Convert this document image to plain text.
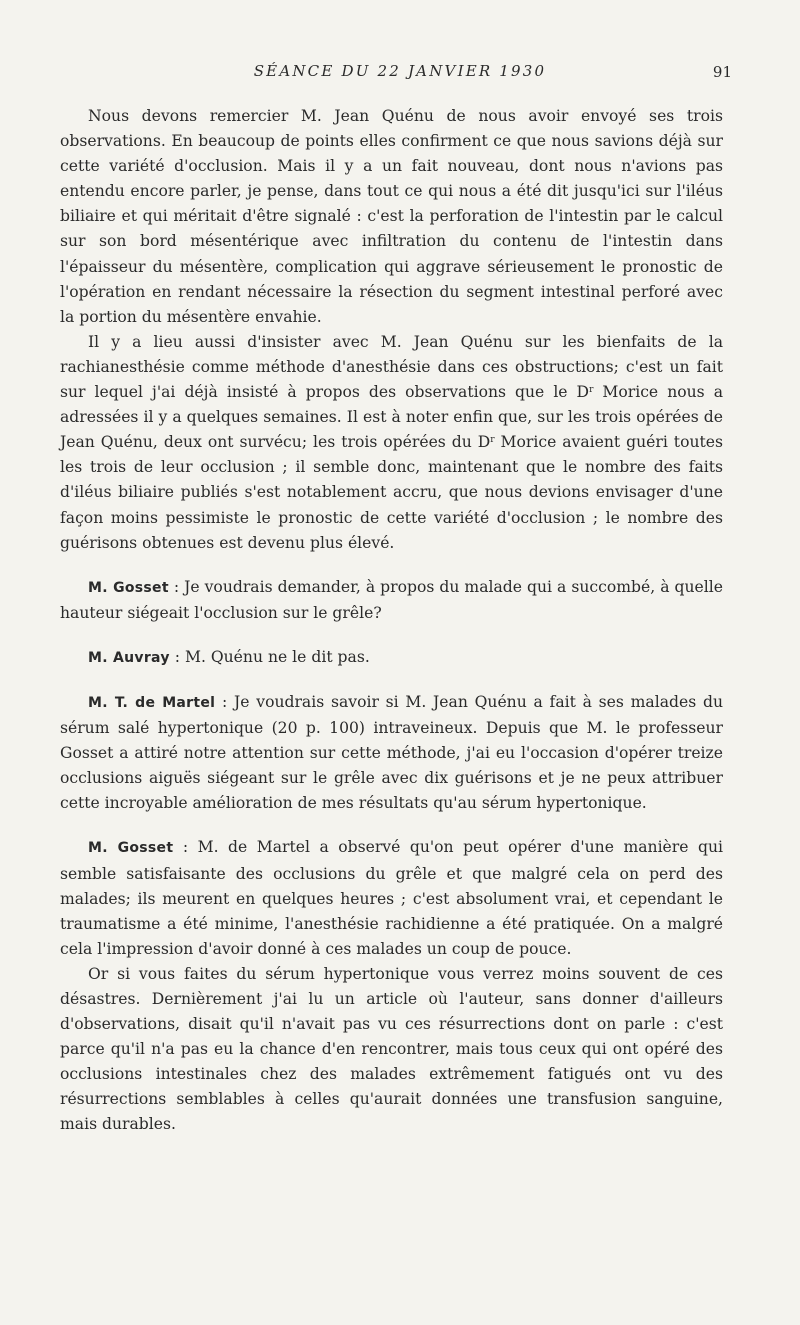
SÉANCE DU 22 JANVIER 1930	91

Nous devons remercier M. Jean Quénu de nous avoir envoyé ses trois observations. En beaucoup de points elles confirment ce que nous savions déjà sur cette variété d'occlusion. Mais il y a un fait nouveau, dont nous n'avions pas entendu encore parler, je pense, dans tout ce qui nous a été dit jusqu'ici sur l'iléus biliaire et qui méritait d'être signalé : c'est la perforation de l'intestin par le calcul sur son bord mésentérique avec infiltration du contenu de l'intestin dans l'épaisseur du mésentère, complication qui aggrave sérieusement le pronostic de l'opération en rendant nécessaire la résection du segment intestinal perforé avec la portion du mésentère envahie.

Il y a lieu aussi d'insister avec M. Jean Quénu sur les bienfaits de la rachianesthésie comme méthode d'anesthésie dans ces obstructions; c'est un fait sur lequel j'ai déjà insisté à propos des observations que le $D^r$ Morice nous a adressées il y a quelques semaines. Il est à noter enfin que, sur les trois opérées de Jean Quénu, deux ont survécu; les trois opérées du $D^r$ Morice avaient guéri toutes les trois de leur occlusion ; il semble donc, maintenant que le nombre des faits d'iléus biliaire publiés s'est notablement accru, que nous devions envisager d'une façon moins pessimiste le pronostic de cette variété d'occlusion ; le nombre des guérisons obtenues est devenu plus élevé.

M. Gosset : Je voudrais demander, à propos du malade qui a succombé, à quelle hauteur siégeait l'occlusion sur le grêle?

M. Auvray : M. Quénu ne le dit pas.

M. T. de Martel : Je voudrais savoir si M. Jean Quénu a fait à ses malades du sérum salé hypertonique (20 p. 100) intraveineux. Depuis que M. le professeur Gosset a attiré notre attention sur cette méthode, j'ai eu l'occasion d'opérer treize occlusions aiguës siégeant sur le grêle avec dix guérisons et je ne peux attribuer cette incroyable amélioration de mes résultats qu'au sérum hypertonique.

M. Gosset : M. de Martel a observé qu'on peut opérer d'une manière qui semble satisfaisante des occlusions du grêle et que malgré cela on perd des malades; ils meurent en quelques heures ; c'est absolument vrai, et cependant le traumatisme a été minime, l'anesthésie rachidienne a été pratiquée. On a malgré cela l'impression d'avoir donné à ces malades un coup de pouce.

Or si vous faites du sérum hypertonique vous verrez moins souvent de ces désastres. Dernièrement j'ai lu un article où l'auteur, sans donner d'ailleurs d'observations, disait qu'il n'avait pas vu ces résurrections dont on parle : c'est parce qu'il n'a pas eu la chance d'en rencontrer, mais tous ceux qui ont opéré des occlusions intestinales chez des malades extrêmement fatigués ont vu des résurrections semblables à celles qu'aurait données une transfusion sanguine, mais durables.
